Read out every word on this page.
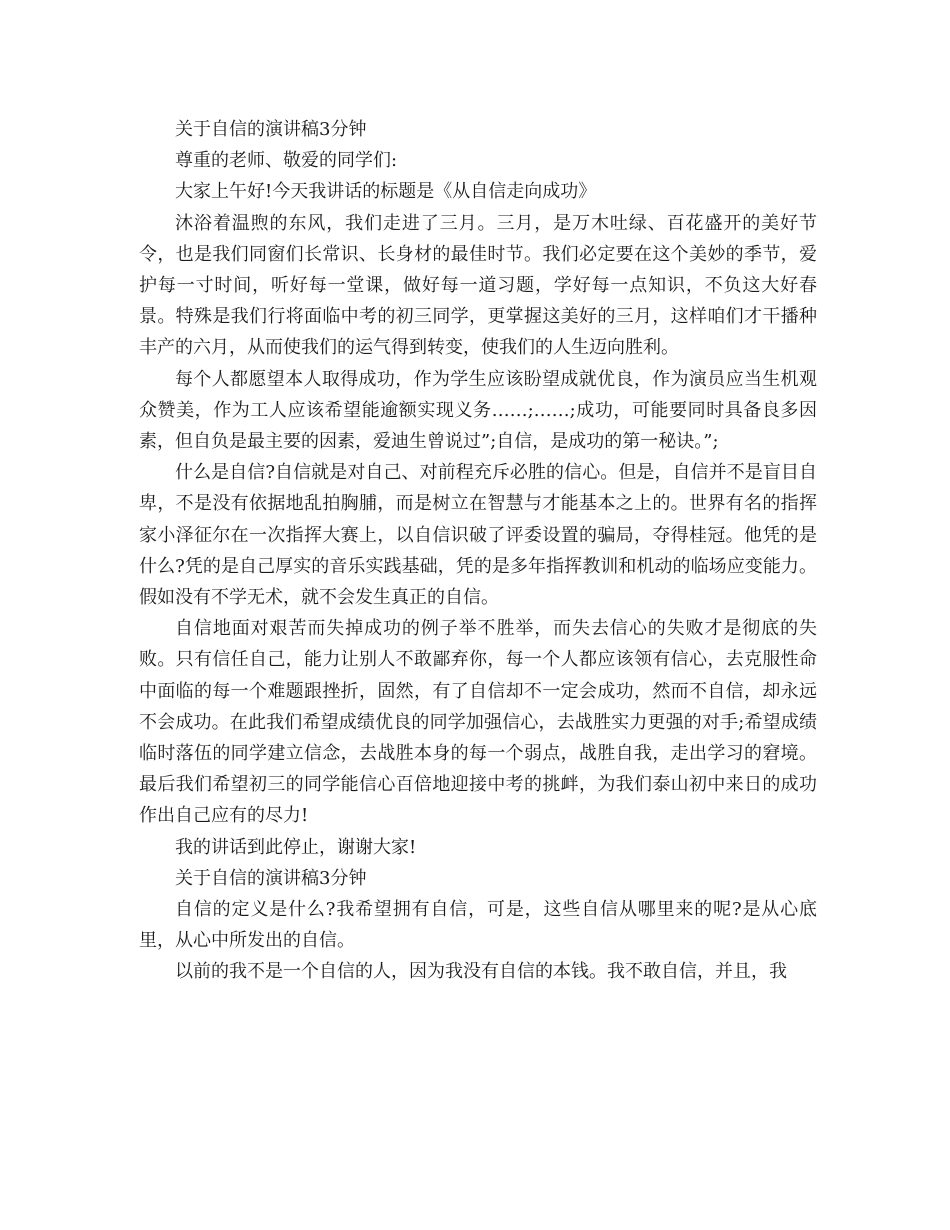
关于自信的演讲稿3分钟

尊重的老师、敬爱的同学们:

大家上午好!今天我讲话的标题是《从自信走向成功》

沐浴着温煦的东风，我们走进了三月。三月，是万木吐绿、百花盛开的美好节令，也是我们同窗们长常识、长身材的最佳时节。我们必定要在这个美妙的季节，爱护每一寸时间，听好每一堂课，做好每一道习题，学好每一点知识，不负这大好春景。特殊是我们行将面临中考的初三同学，更掌握这美好的三月，这样咱们才干播种丰产的六月，从而使我们的运气得到转变，使我们的人生迈向胜利。

每个人都愿望本人取得成功，作为学生应该盼望成就优良，作为演员应当生机观众赞美，作为工人应该希望能逾额实现义务……;……;成功，可能要同时具备良多因素，但自负是最主要的因素，爱迪生曾说过”;自信，是成功的第一秘诀。”;

什么是自信?自信就是对自己、对前程充斥必胜的信心。但是，自信并不是盲目自卑，不是没有依据地乱拍胸脯，而是树立在智慧与才能基本之上的。世界有名的指挥家小泽征尔在一次指挥大赛上，以自信识破了评委设置的骗局，夺得桂冠。他凭的是什么?凭的是自己厚实的音乐实践基础，凭的是多年指挥教训和机动的临场应变能力。假如没有不学无术，就不会发生真正的自信。

自信地面对艰苦而失掉成功的例子举不胜举，而失去信心的失败才是彻底的失败。只有信任自己，能力让别人不敢鄙弃你，每一个人都应该领有信心，去克服性命中面临的每一个难题跟挫折，固然，有了自信却不一定会成功，然而不自信，却永远不会成功。在此我们希望成绩优良的同学加强信心，去战胜实力更强的对手;希望成绩临时落伍的同学建立信念，去战胜本身的每一个弱点，战胜自我，走出学习的窘境。最后我们希望初三的同学能信心百倍地迎接中考的挑衅，为我们泰山初中来日的成功作出自己应有的尽力!

我的讲话到此停止，谢谢大家!

关于自信的演讲稿3分钟

自信的定义是什么?我希望拥有自信，可是，这些自信从哪里来的呢?是从心底里，从心中所发出的自信。

以前的我不是一个自信的人，因为我没有自信的本钱。我不敢自信，并且，我
